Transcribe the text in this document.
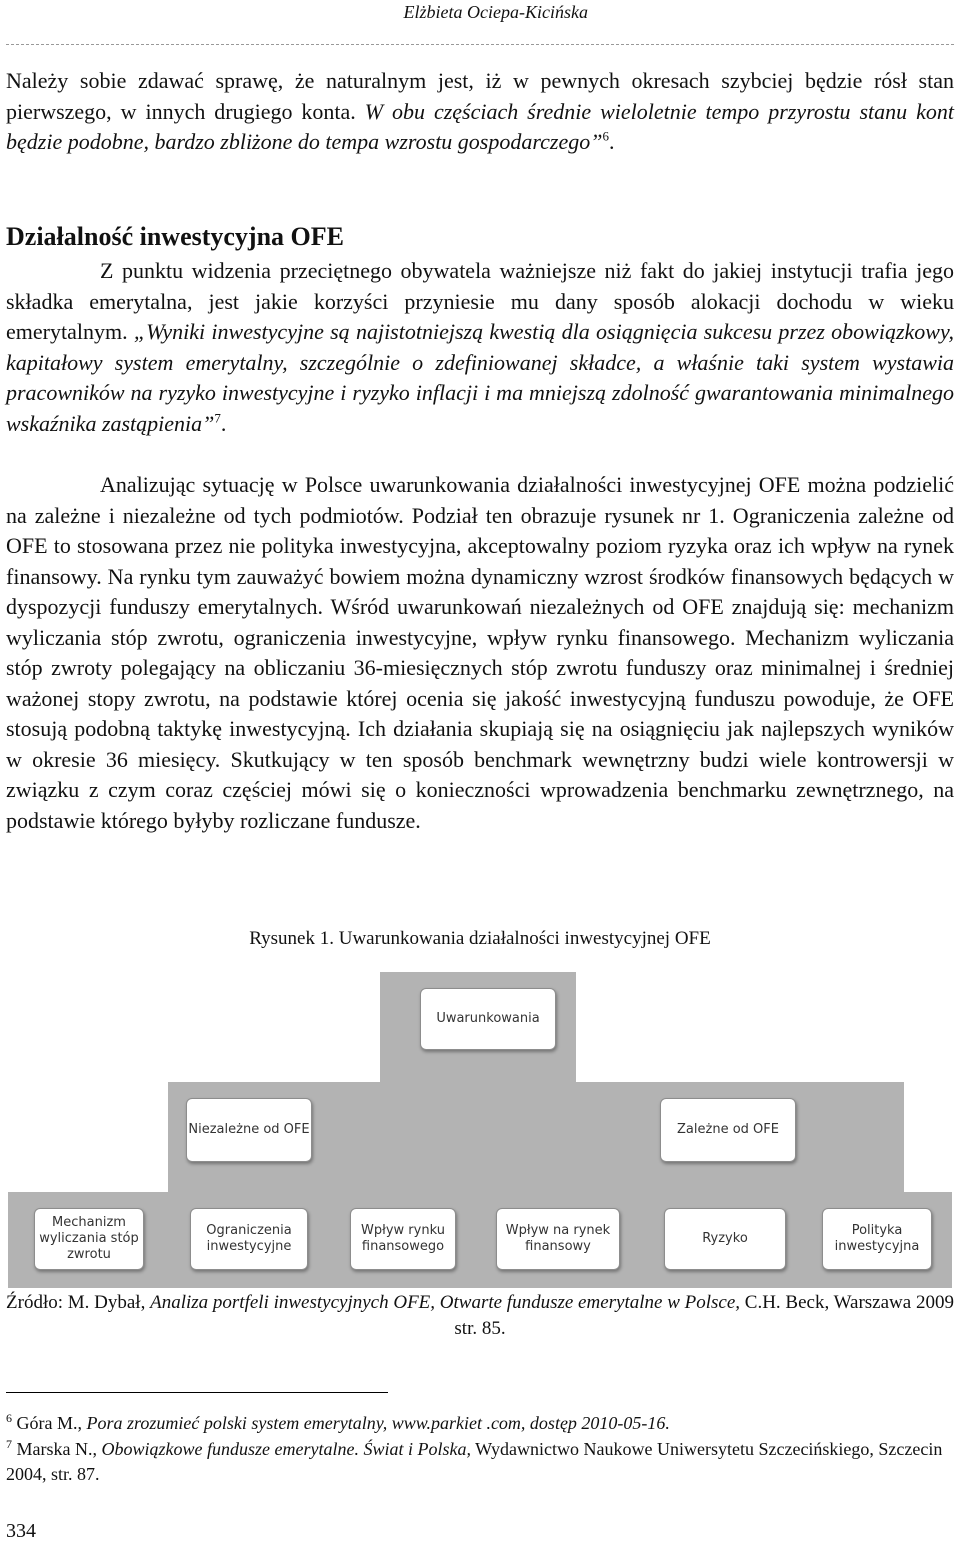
Elżbieta Ociepa-Kicińska

Należy sobie zdawać sprawę, że naturalnym jest, iż w pewnych okresach szybciej będzie rósł stan pierwszego, w innych drugiego konta. W obu częściach średnie wieloletnie tempo przyrostu stanu kont będzie podobne, bardzo zbliżone do tempa wzrostu gospodarczego”$^6$.

Działalność inwestycyjna OFE

Z punktu widzenia przeciętnego obywatela ważniejsze niż fakt do jakiej instytucji trafia jego składka emerytalna, jest jakie korzyści przyniesie mu dany sposób alokacji dochodu w wieku emerytalnym. „Wyniki inwestycyjne są najistotniejszą kwestią dla osiągnięcia sukcesu przez obowiązkowy, kapitałowy system emerytalny, szczególnie o zdefiniowanej składce, a właśnie taki system wystawia pracowników na ryzyko inwestycyjne i ryzyko inflacji i ma mniejszą zdolność gwarantowania minimalnego wskaźnika zastąpienia”$^7$.

Analizując sytuację w Polsce uwarunkowania działalności inwestycyjnej OFE można podzielić na zależne i niezależne od tych podmiotów. Podział ten obrazuje rysunek nr 1. Ograniczenia zależne od OFE to stosowana przez nie polityka inwestycyjna, akceptowalny poziom ryzyka oraz ich wpływ na rynek finansowy. Na rynku tym zauważyć bowiem można dynamiczny wzrost środków finansowych będących w dyspozycji funduszy emerytalnych. Wśród uwarunkowań niezależnych od OFE znajdują się: mechanizm wyliczania stóp zwrotu, ograniczenia inwestycyjne, wpływ rynku finansowego. Mechanizm wyliczania stóp zwroty polegający na obliczaniu 36-miesięcznych stóp zwrotu funduszy oraz minimalnej i średniej ważonej stopy zwrotu, na podstawie której ocenia się jakość inwestycyjną funduszu powoduje, że OFE stosują podobną taktykę inwestycyjną. Ich działania skupiają się na osiągnięciu jak najlepszych wyników w okresie 36 miesięcy. Skutkujący w ten sposób benchmark wewnętrzny budzi wiele kontrowersji w związku z czym coraz częściej mówi się o konieczności wprowadzenia benchmarku zewnętrznego, na podstawie którego byłyby rozliczane fundusze.

Rysunek 1. Uwarunkowania działalności inwestycyjnej OFE
Uwarunkowania
Niezależne od OFE	Zależne od OFE
Mechanizm wyliczania stóp zwrotu
Ograniczenia inwestycyjne
Wpływ rynku finansowego
Wpływ na rynek finansowy
Ryzyko
Polityka inwestycyjna
Źródło: M. Dybał, Analiza portfeli inwestycyjnych OFE, Otwarte fundusze emerytalne w Polsce, C.H. Beck, Warszawa 2009 str. 85.
$^6$ Góra M., Pora zrozumieć polski system emerytalny, www.parkiet .com, dostęp 2010-05-16.
$^7$ Marska N., Obowiązkowe fundusze emerytalne. Świat i Polska, Wydawnictwo Naukowe Uniwersytetu Szczecińskiego, Szczecin 2004, str. 87.
334
